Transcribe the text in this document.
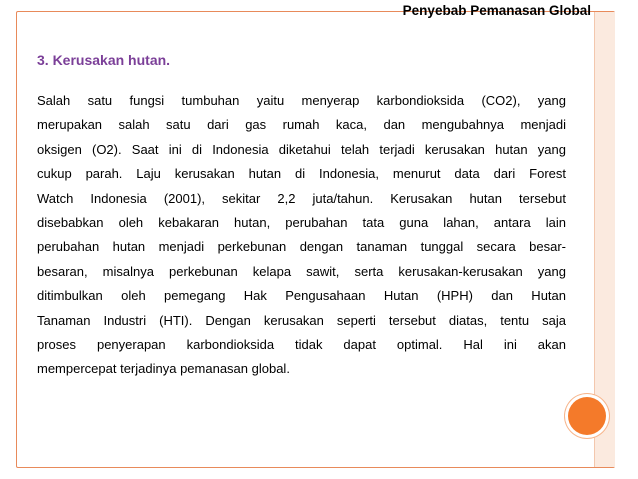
Penyebab Pemanasan Global
3. Kerusakan hutan.
Salah satu fungsi tumbuhan yaitu menyerap karbondioksida (CO2), yang
merupakan salah satu dari gas rumah kaca, dan mengubahnya menjadi
oksigen (O2). Saat ini di Indonesia diketahui telah terjadi kerusakan hutan yang
cukup parah. Laju kerusakan hutan di Indonesia, menurut data dari Forest
Watch Indonesia (2001), sekitar 2,2 juta/tahun. Kerusakan hutan tersebut
disebabkan oleh kebakaran hutan, perubahan tata guna lahan, antara lain
perubahan hutan menjadi perkebunan dengan tanaman tunggal secara besar-
besaran, misalnya perkebunan kelapa sawit, serta kerusakan-kerusakan yang
ditimbulkan oleh pemegang Hak Pengusahaan Hutan (HPH) dan Hutan
Tanaman Industri (HTI). Dengan kerusakan seperti tersebut diatas, tentu saja
proses penyerapan karbondioksida tidak dapat optimal. Hal ini akan
mempercepat terjadinya pemanasan global.
